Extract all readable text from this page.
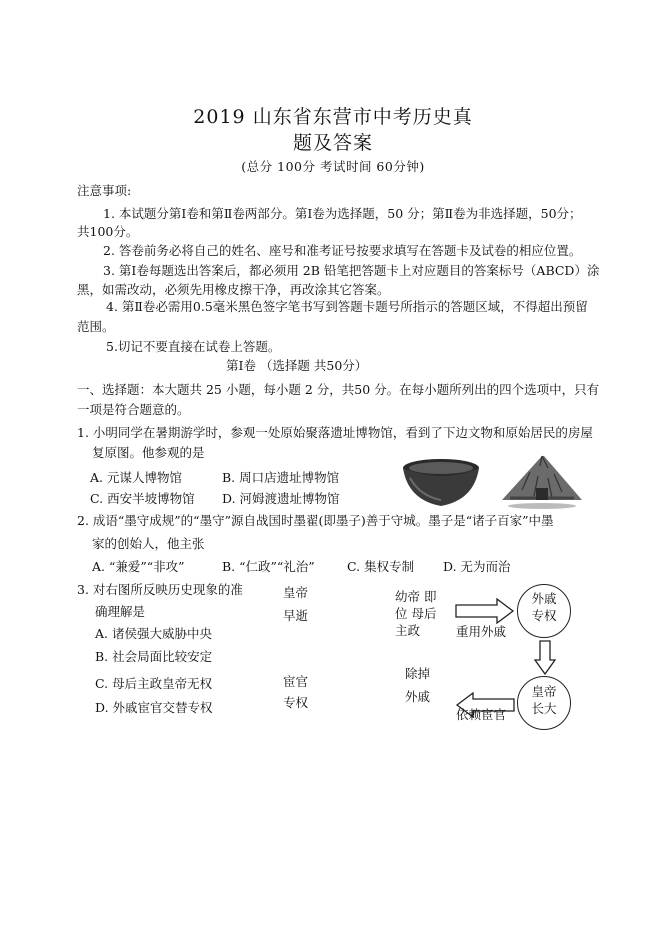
2019 山东省东营市中考历史真
题及答案
(总分 100分 考试时间 60分钟)
注意事项:
1. 本试题分第Ⅰ卷和第Ⅱ卷两部分。第Ⅰ卷为选择题，50 分；第Ⅱ卷为非选择题，50分；
共100分。
2. 答卷前务必将自己的姓名、座号和准考证号按要求填写在答题卡及试卷的相应位置。
3. 第Ⅰ卷每题选出答案后，都必须用 2B 铅笔把答题卡上对应题目的答案标号（ABCD）涂
黑，如需改动，必须先用橡皮擦干净，再改涂其它答案。
4. 第Ⅱ卷必需用0.5毫米黑色签字笔书写到答题卡题号所指示的答题区域，不得超出预留
范围。
5.切记不要直接在试卷上答题。
第Ⅰ卷 （选择题 共50分）
一、选择题：本大题共 25 小题，每小题 2 分，共50 分。在每小题所列出的四个选项中，只有
一项是符合题意的。
1. 小明同学在暑期游学时，参观一处原始聚落遗址博物馆，看到了下边文物和原始居民的房屋
复原图。他参观的是
A. 元谋人博物馆	B. 周口店遗址博物馆
C. 西安半坡博物馆 D. 河姆渡遗址博物馆
2. 成语“墨守成规”的“墨守”源自战国时墨翟(即墨子)善于守城。墨子是“诸子百家”中墨
家的创始人，他主张
A. “兼爱”“非攻”	B. “仁政”“礼治”	C. 集权专制 D. 无为而治
3. 对右图所反映历史现象的准
确理解是
A. 诸侯强大威胁中央
B. 社会局面比较安定
C. 母后主政皇帝无权
D. 外戚宦官交替专权
皇帝
早逝
宦官
专权
幼帝 即
位 母后
主政
除掉
外戚
重用外戚
外戚
专权
皇帝
长大
依赖宦官
